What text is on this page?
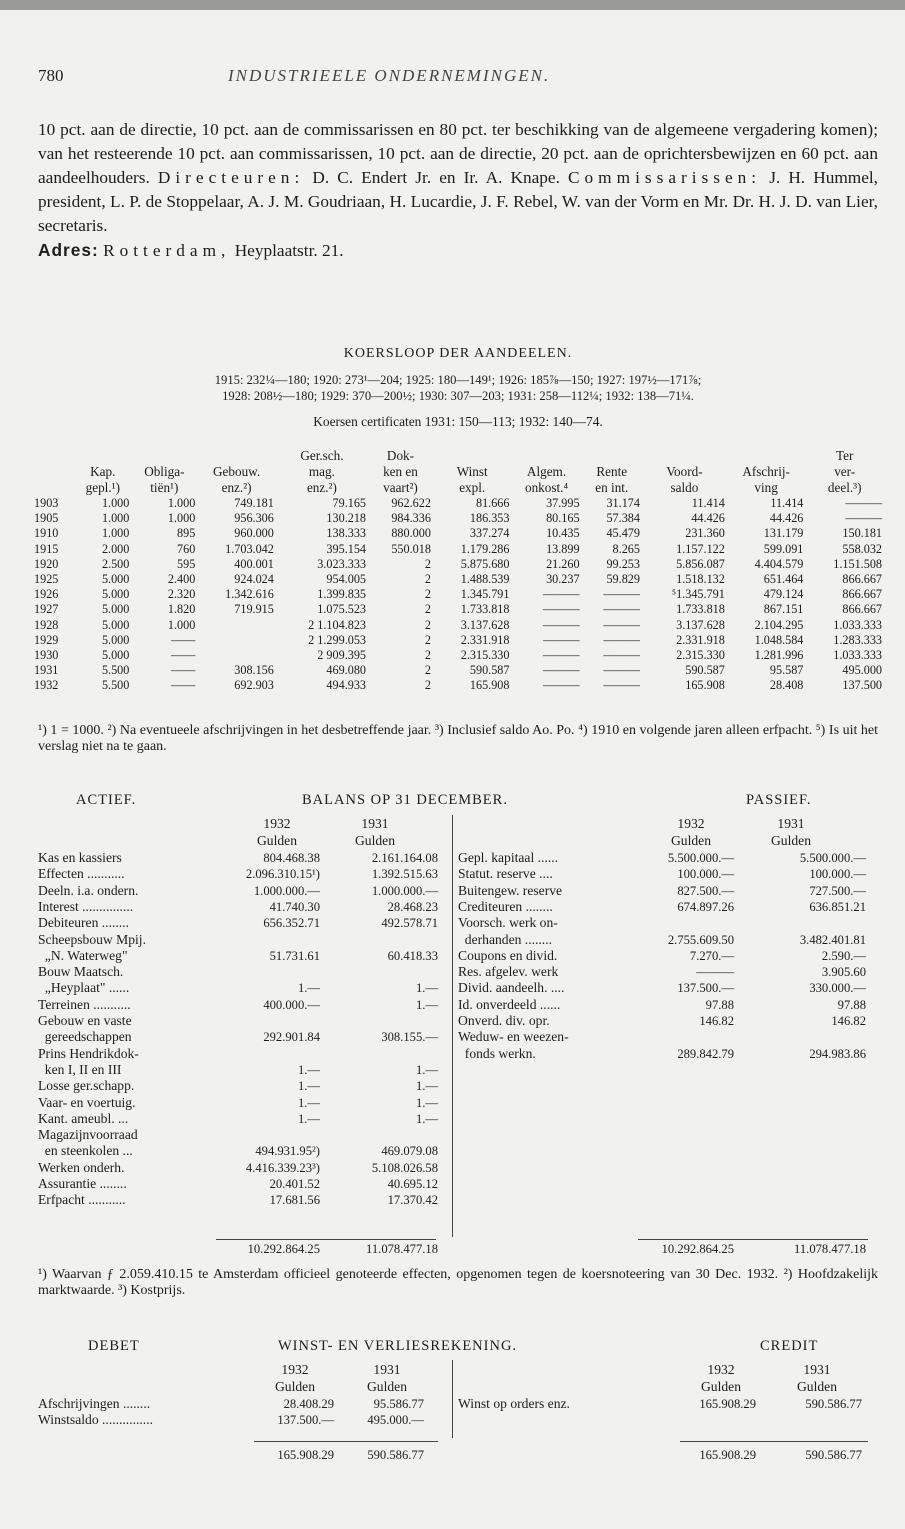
780	INDUSTRIEELE ONDERNEMINGEN.

10 pct. aan de directie, 10 pct. aan de commissarissen en 80 pct. ter beschikking van de algemeene vergadering komen); van het resteerende 10 pct. aan commissarissen, 10 pct. aan de directie, 20 pct. aan de oprichtersbewijzen en 60 pct. aan aandeelhouders. Directeuren: D. C. Endert Jr. en Ir. A. Knape. Commissarissen: J. H. Hummel, president, L. P. de Stoppelaar, A. J. M. Goudriaan, H. Lucardie, J. F. Rebel, W. van der Vorm en Mr. Dr. H. J. D. van Lier, secretaris.

Adres: Rotterdam, Heyplaatstr. 21.

KOERSLOOP DER AANDEELEN.
1915: 232¼—180; 1920: 273¹—204; 1925: 180—149¹; 1926: 185⅞—150; 1927: 197½—171⅞;
1928: 208½—180; 1929: 370—200½; 1930: 307—203; 1931: 258—112¼; 1932: 138—71¼.
Koersen certificaten 1931: 150—113; 1932: 140—74.
				Ger.sch.	Dok-						Ter
	Kap.	Obliga-	Gebouw.	mag.	ken en	Winst	Algem.	Rente	Voord-	Afschrij-	ver-
	gepl.¹)	tiën¹)	enz.²)	enz.²)	vaart²)	expl.	onkost.⁴	en int.	saldo	ving	deel.³)
1903	1.000	1.000	749.181	79.165	962.622	81.666	37.995	31.174	11.414	11.414	———
1905	1.000	1.000	956.306	130.218	984.336	186.353	80.165	57.384	44.426	44.426	———
1910	1.000	895	960.000	138.333	880.000	337.274	10.435	45.479	231.360	131.179	150.181
1915	2.000	760	1.703.042	395.154	550.018	1.179.286	13.899	8.265	1.157.122	599.091	558.032
1920	2.500	595	400.001	3.023.333	2	5.875.680	21.260	99.253	5.856.087	4.404.579	1.151.508
1925	5.000	2.400	924.024	954.005	2	1.488.539	30.237	59.829	1.518.132	651.464	866.667
1926	5.000	2.320	1.342.616	1.399.835	2	1.345.791	———	———	⁵1.345.791	479.124	866.667
1927	5.000	1.820	719.915	1.075.523	2	1.733.818	———	———	1.733.818	867.151	866.667
1928	5.000	1.000		2 1.104.823	2	3.137.628	———	———	3.137.628	2.104.295	1.033.333
1929	5.000	——		2 1.299.053	2	2.331.918	———	———	2.331.918	1.048.584	1.283.333
1930	5.000	——		2 909.395	2	2.315.330	———	———	2.315.330	1.281.996	1.033.333
1931	5.500	——	308.156	469.080	2	590.587	———	———	590.587	95.587	495.000
1932	5.500	——	692.903	494.933	2	165.908	———	———	165.908	28.408	137.500

¹) 1 = 1000. ²) Na eventueele afschrijvingen in het desbetreffende jaar. ³) Inclusief saldo Ao. Po. ⁴) 1910 en volgende jaren alleen erfpacht. ⁵) Is uit het verslag niet na te gaan.

ACTIEF.	BALANS OP 31 DECEMBER.	PASSIEF.
1932	1931
Gulden	Gulden
1932	1931
Gulden	Gulden
Kas en kassiers	804.468.38	2.161.164.08
Effecten ...........	2.096.310.15¹)	1.392.515.63
Deeln. i.a. ondern.	1.000.000.—	1.000.000.—
Interest ...............	41.740.30	28.468.23
Debiteuren ........	656.352.71	492.578.71
Scheepsbouw Mpij.
„N. Waterweg"	51.731.61	60.418.33
Bouw Maatsch.
„Heyplaat" ......	1.—	1.—
Terreinen ...........	400.000.—	1.—
Gebouw en vaste
gereedschappen	292.901.84	308.155.—
Prins Hendrikdok-
ken I, II en III	1.—	1.—
Losse ger.schapp.	1.—	1.—
Vaar- en voertuig.	1.—	1.—
Kant. ameubl. ...	1.—	1.—
Magazijnvoorraad
en steenkolen ...	494.931.95²)	469.079.08
Werken onderh.	4.416.339.23³)	5.108.026.58
Assurantie ........	20.401.52	40.695.12
Erfpacht ...........	17.681.56	17.370.42
Gepl. kapitaal ......	5.500.000.—	5.500.000.—
Statut. reserve ....	100.000.—	100.000.—
Buitengew. reserve	827.500.—	727.500.—
Crediteuren ........	674.897.26	636.851.21
Voorsch. werk on-
derhanden ........	2.755.609.50	3.482.401.81
Coupons en divid.	7.270.—	2.590.—
Res. afgelev. werk	———	3.905.60
Divid. aandeelh. ....	137.500.—	330.000.—
Id. onverdeeld ......	97.88	97.88
Onverd. div. opr.	146.82	146.82
Weduw- en weezen-
fonds werkn.	289.842.79	294.983.86
10.292.864.25	11.078.477.18	10.292.864.25	11.078.477.18

¹) Waarvan ƒ 2.059.410.15 te Amsterdam officieel genoteerde effecten, opgenomen tegen de koersnoteering van 30 Dec. 1932. ²) Hoofdzakelijk marktwaarde. ³) Kostprijs.

DEBET	WINST- EN VERLIESREKENING.	CREDIT
1932	1931
Gulden	Gulden
1932	1931
Gulden	Gulden
Afschrijvingen ........	28.408.29	95.586.77
Winstsaldo ...............	137.500.—	495.000.—
Winst op orders enz.	165.908.29	590.586.77
165.908.29	590.586.77	165.908.29	590.586.77
